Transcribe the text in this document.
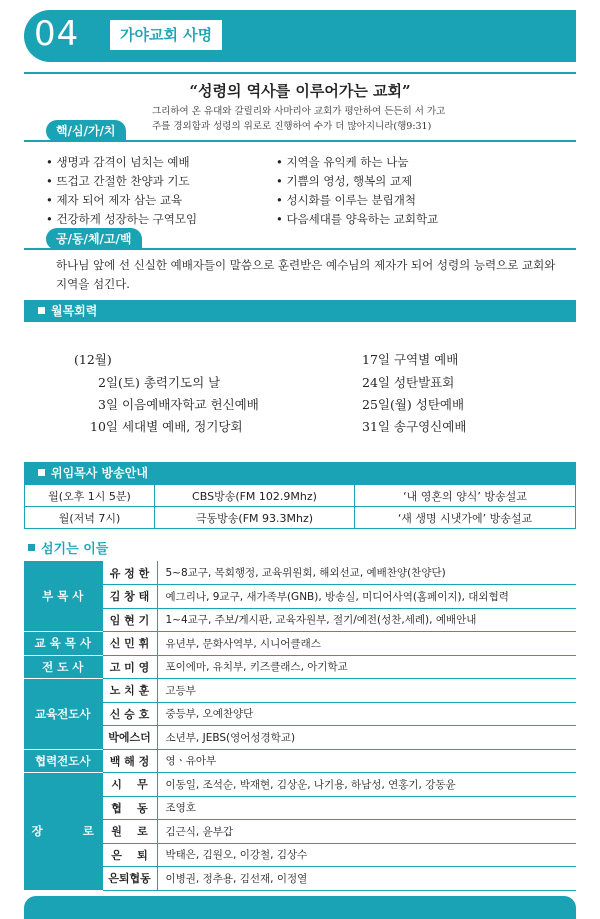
04	가야교회 사명
“성령의 역사를 이루어가는 교회”
그리하여 온 유대와 갈릴리와 사마리아 교회가 평안하여 든든히 서 가고
주를 경외함과 성령의 위로로 진행하여 수가 더 많아지니라(행9:31)
핵/심/가/치
• 생명과 감격이 넘치는 예배
• 뜨겁고 간절한 찬양과 기도
• 제자 되어 제자 삼는 교육
• 건강하게 성장하는 구역모임
• 지역을 유익케 하는 나눔
• 기쁨의 영성, 행복의 교제
• 성시화를 이루는 분립개척
• 다음세대를 양육하는 교회학교
공/동/체/고/백
하나님 앞에 선 신실한 예배자들이 말씀으로 훈련받은 예수님의 제자가 되어 성령의 능력으로 교회와 지역을 섬긴다.
월목회력
(12월)
2일(토) 총력기도의 날
3일 이음예배자학교 헌신예배
10일 세대별 예배, 정기당회
17일 구역별 예배
24일 성탄발표회
25일(월) 성탄예배
31일 송구영신예배
위임목사 방송안내
월(오후 1시 5분)	CBS방송(FM 102.9Mhz)	‘내 영혼의 양식’ 방송설교
월(저녁 7시)	극동방송(FM 93.3Mhz)	‘새 생명 시냇가에’ 방송설교
섬기는 이들
부 목 사	유 정 한	5~8교구, 목회행정, 교육위원회, 해외선교, 예배찬양(찬양단)
	김 창 태	예그리나, 9교구, 새가족부(GNB), 방송실, 미디어사역(홈페이지), 대외협력
	임 현 기	1~4교구, 주보/게시판, 교육자원부, 절기/예전(성찬,세례), 예배안내
교 육 목 사	신 민 휘	유년부, 문화사역부, 시니어클래스
전 도 사	고 미 영	포이에마, 유치부, 키즈클래스, 아기학교
교육전도사	노 치 훈	고등부
	신 승 호	중등부, 오예찬양단
	박에스더	소년부, JEBS(영어성경학교)
협력전도사	백 해 정	영ㆍ유아부
장          로	시    무	이동일, 조석순, 박재현, 김상운, 나기용, 하남성, 연홍기, 강동윤
	협    동	조영호
	원    로	김근식, 윤부갑
	은    퇴	박태은, 김원오, 이강철, 김상수
	은퇴협동	이병권, 정추용, 김선재, 이정열
